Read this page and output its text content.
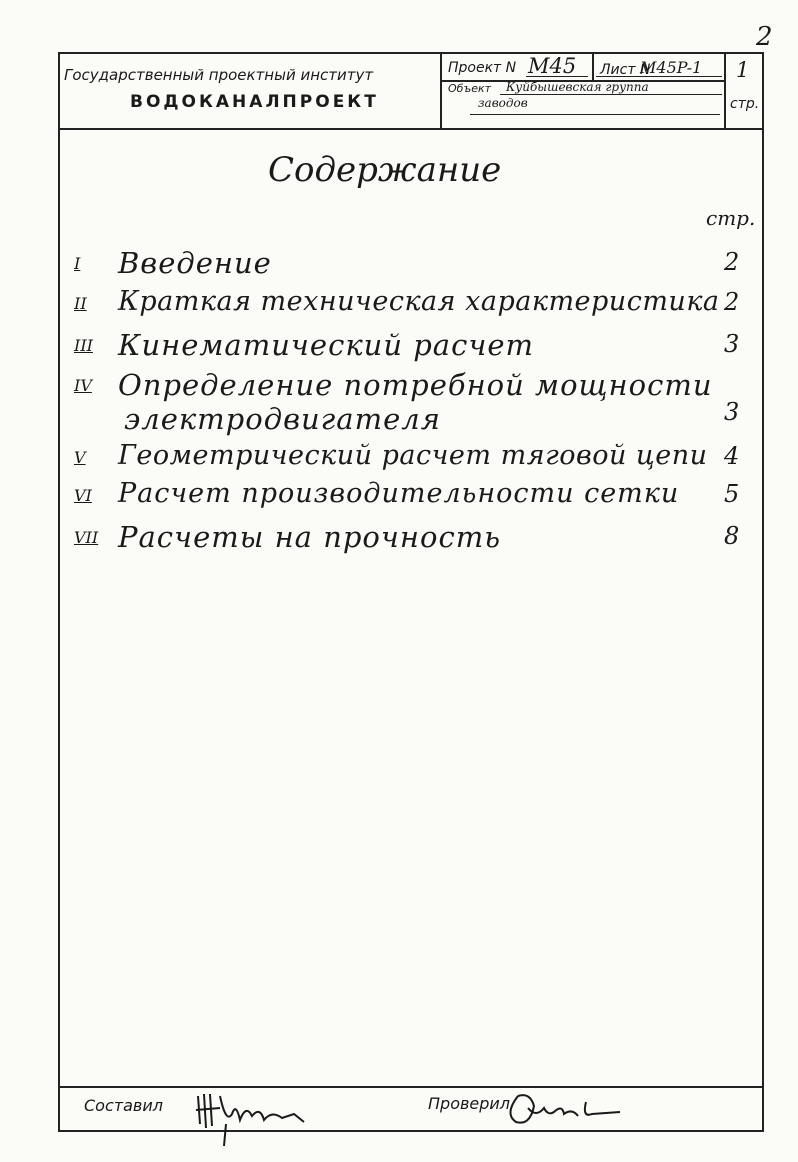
2
Государственный проектный институт
ВОДОКАНАЛПРОЕКТ
Проект N M45 Лист N
M45P-1 1
Объект Куйбышевская группа
заводов	стр.
Содержание
стр.
I	Введение	2
II	Краткая техническая характеристика 2
III Кинематический расчет	3
IV Определение потребной мощности
электродвигателя	3
V	Геометрический расчет тяговой цепи 4
VI Расчет производительности сетки 5
VII Расчеты на прочность	8
Составил	Проверил
